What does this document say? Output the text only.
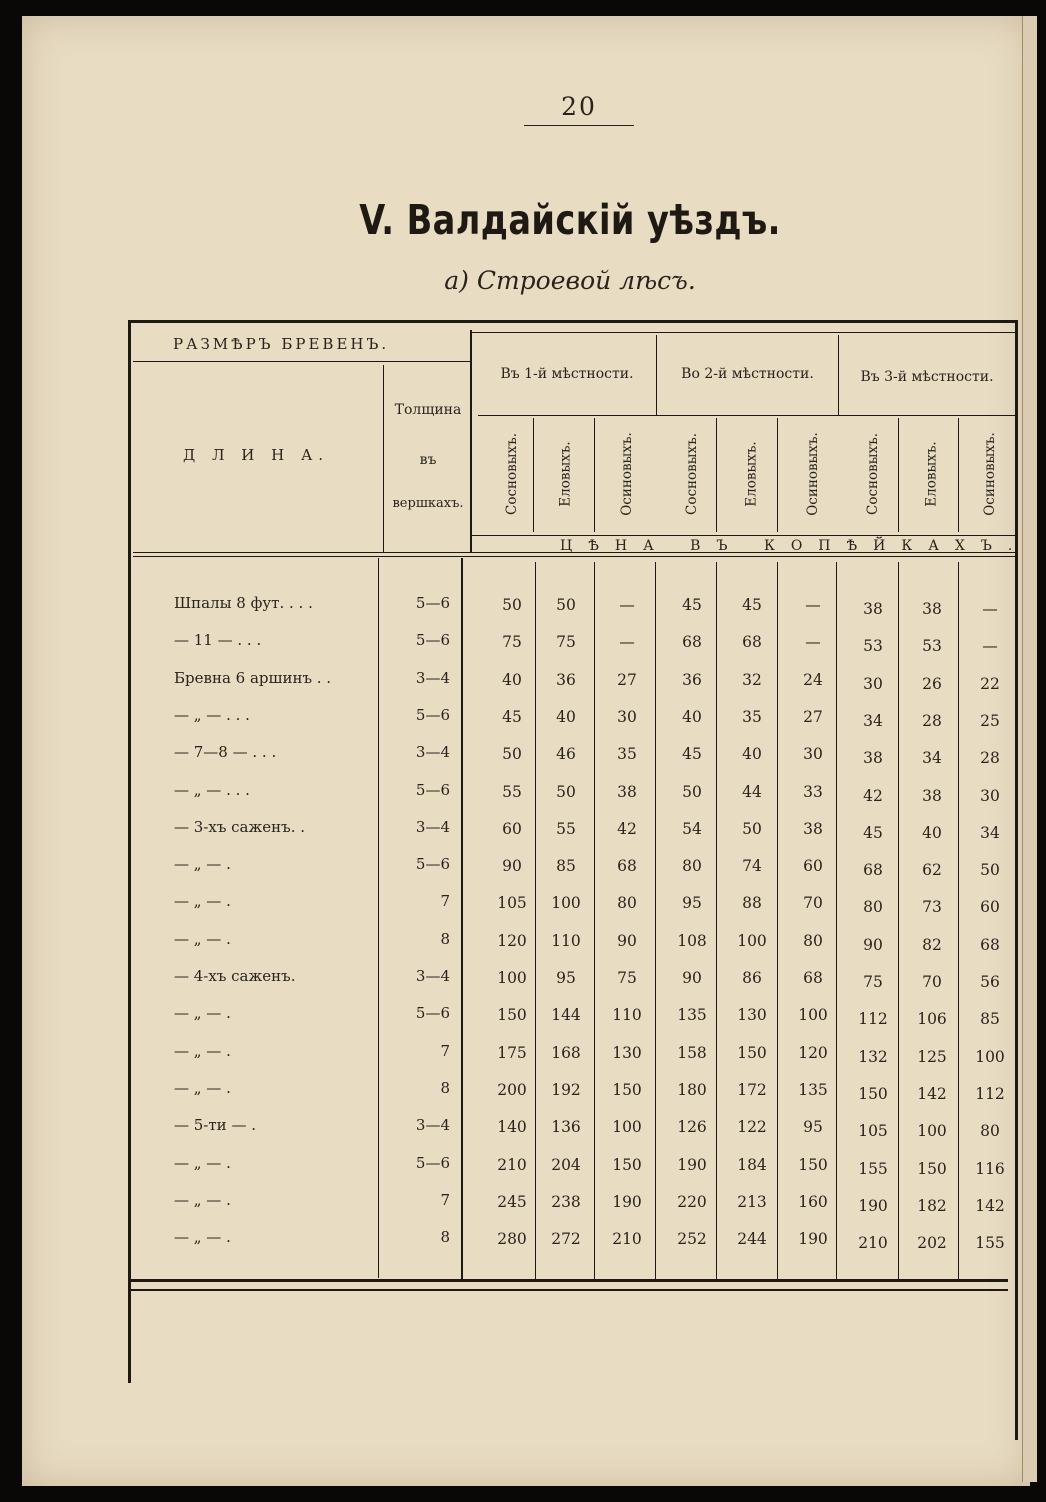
20
V. Валдайскій уѣздъ.
а) Строевой лѣсъ.
РАЗМѢРЪ БРЕВЕНЪ.
Д Л И Н А.
Толщина
въ
вершкахъ.
Въ 1-й мѣстности.	Во 2-й мѣстности.	Въ 3-й мѣстности.
Сосновыхъ.	Еловыхъ.	Осиновыхъ.	Сосновыхъ.	Еловыхъ.	Осиновыхъ.	Сосновыхъ.	Еловыхъ.	Осиновыхъ.
ЦѢНА ВЪ КОПѢЙКАХЪ.
Шпалы 8 фут. . . .	5—6	50	50	—	45	45	—	38	38	—
— 11 — . . .	5—6	75	75	—	68	68	—	53	53	—
Бревна 6 аршинъ . .	3—4	40	36	27	36	32	24	30	26	22
— „ — . . .	5—6	45	40	30	40	35	27	34	28	25
— 7—8 — . . .	3—4	50	46	35	45	40	30	38	34	28
— „ — . . .	5—6	55	50	38	50	44	33	42	38	30
— 3-хъ саженъ. .	3—4	60	55	42	54	50	38	45	40	34
— „ — .	5—6	90	85	68	80	74	60	68	62	50
— „ — .	7	105	100	80	95	88	70	80	73	60
— „ — .	8	120	110	90	108	100	80	90	82	68
— 4-хъ саженъ.	3—4	100	95	75	90	86	68	75	70	56
— „ — .	5—6	150	144	110	135	130	100	112	106	85
— „ — .	7	175	168	130	158	150	120	132	125	100
— „ — .	8	200	192	150	180	172	135	150	142	112
— 5-ти — .	3—4	140	136	100	126	122	95	105	100	80
— „ — .	5—6	210	204	150	190	184	150	155	150	116
— „ — .	7	245	238	190	220	213	160	190	182	142
— „ — .	8	280	272	210	252	244	190	210	202	155
